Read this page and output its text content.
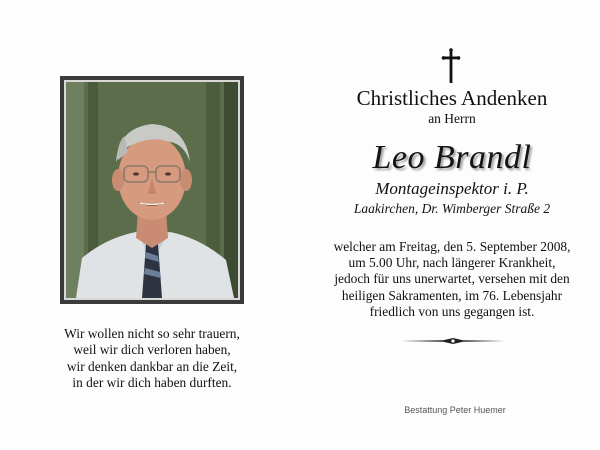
Wir wollen nicht so sehr trauern,
weil wir dich verloren haben,
wir denken dankbar an die Zeit,
in der wir dich haben durften.
Christliches Andenken
an Herrn
Leo Brandl
Montageinspektor i. P.
Laakirchen, Dr. Wimberger Straße 2
welcher am Freitag, den 5. September 2008,
um 5.00 Uhr, nach längerer Krankheit,
jedoch für uns unerwartet, versehen mit den
heiligen Sakramenten, im 76. Lebensjahr
friedlich von uns gegangen ist.
Bestattung Peter Huemer
